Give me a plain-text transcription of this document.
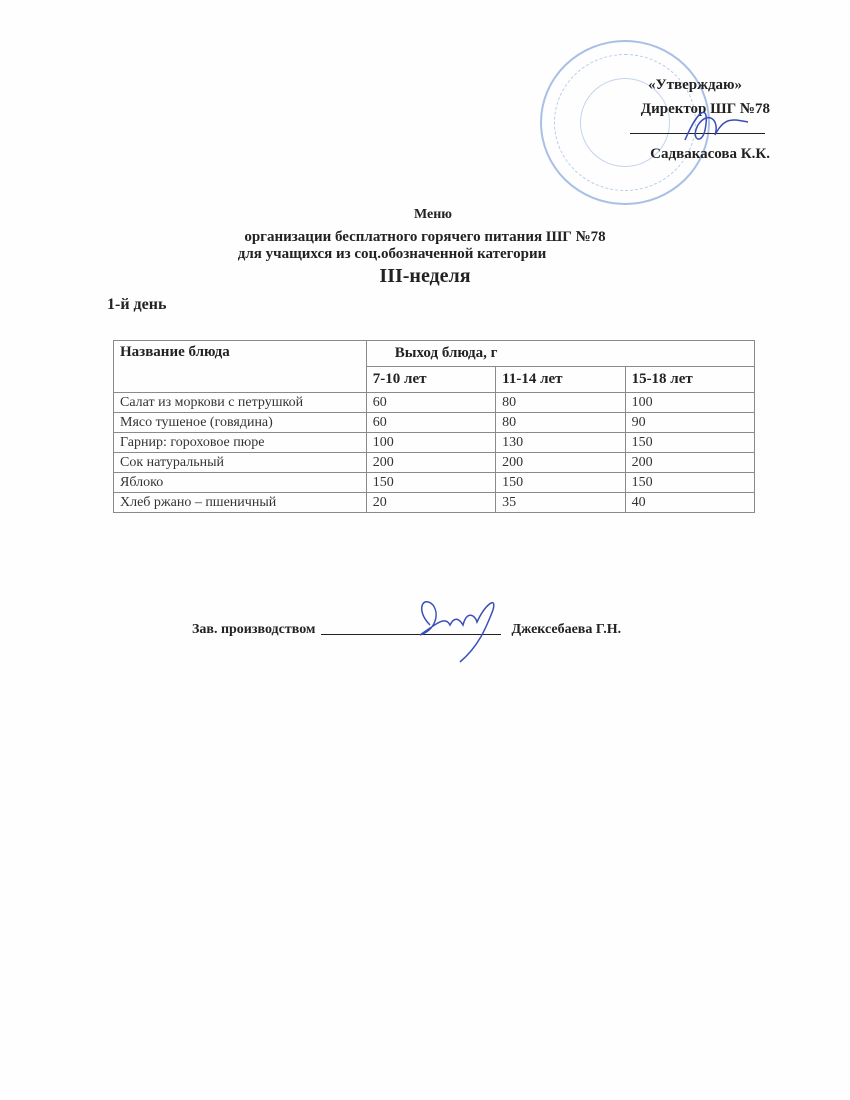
«Утверждаю»
Директор ШГ №78
Садвакасова К.К.
Меню
организации бесплатного горячего питания ШГ №78
для учащихся из соц.обозначенной категории
III-неделя
1-й день
Название блюда	Выход блюда, г		
	7-10 лет	11-14 лет	15-18 лет
Салат из моркови с петрушкой	60	80	100
Мясо тушеное (говядина)	60	80	90
Гарнир: гороховое пюре	100	130	150
Сок натуральный	200	200	200
Яблоко	150	150	150
Хлеб ржано – пшеничный	20	35	40
Зав. производством	Джексебаева Г.Н.
